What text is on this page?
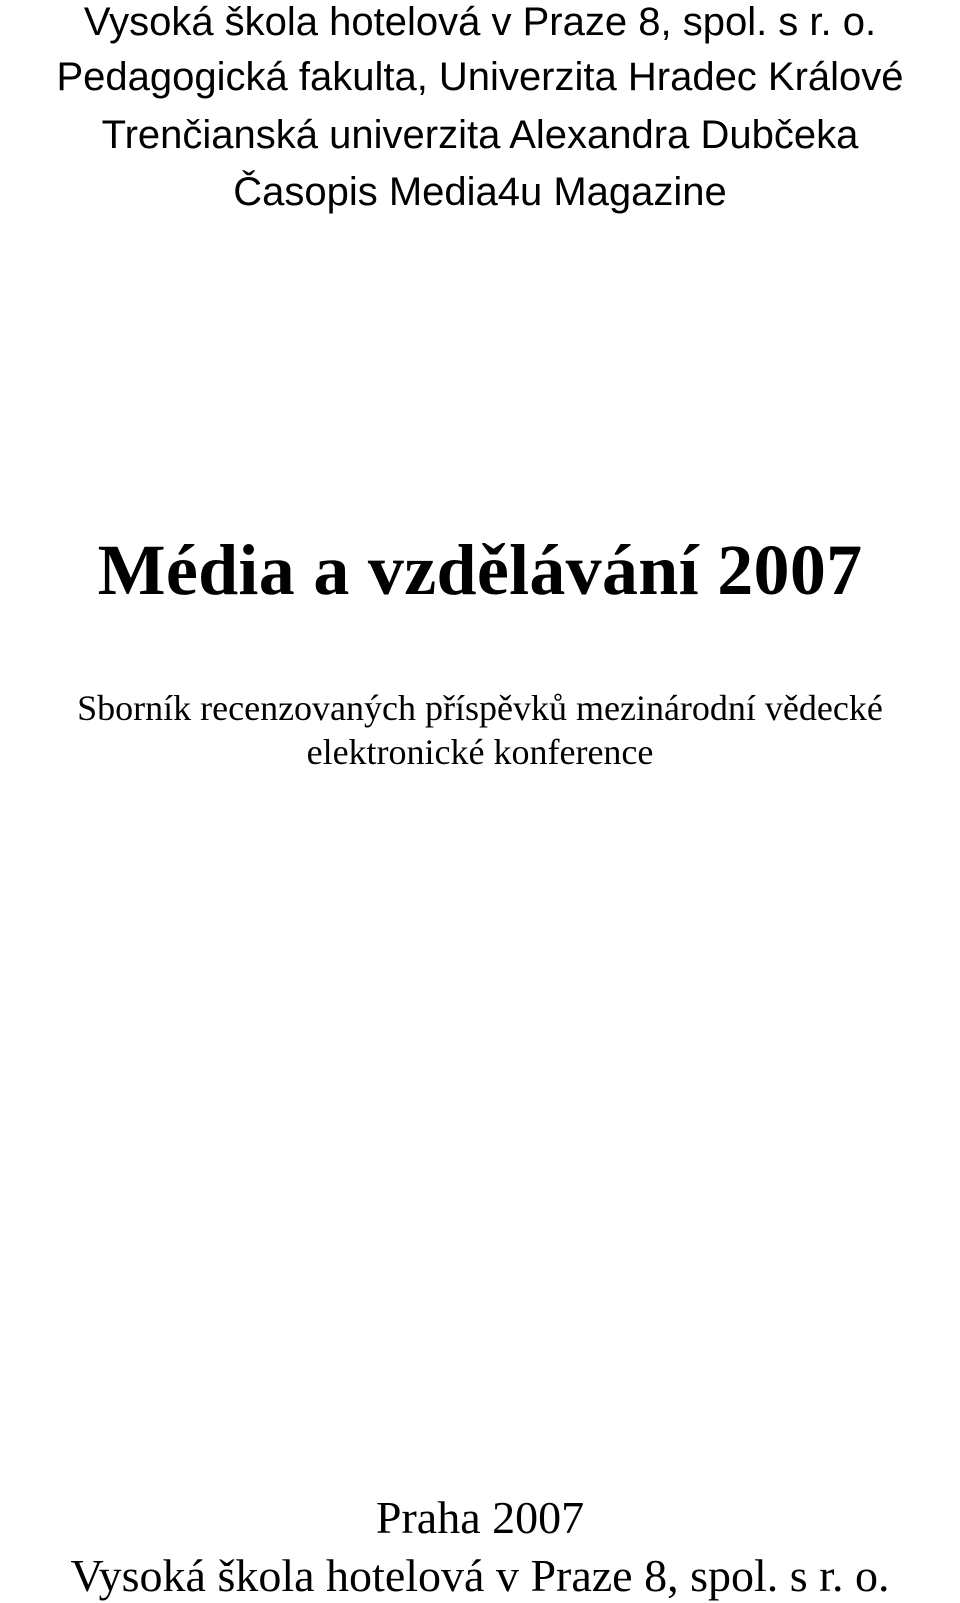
Vysoká škola hotelová v Praze 8, spol. s r. o.
Pedagogická fakulta, Univerzita Hradec Králové
Trenčianská univerzita Alexandra Dubčeka
Časopis Media4u Magazine
Média a vzdělávání 2007
Sborník recenzovaných příspěvků mezinárodní vědecké
elektronické konference
Praha 2007
Vysoká škola hotelová v Praze 8, spol. s r. o.
